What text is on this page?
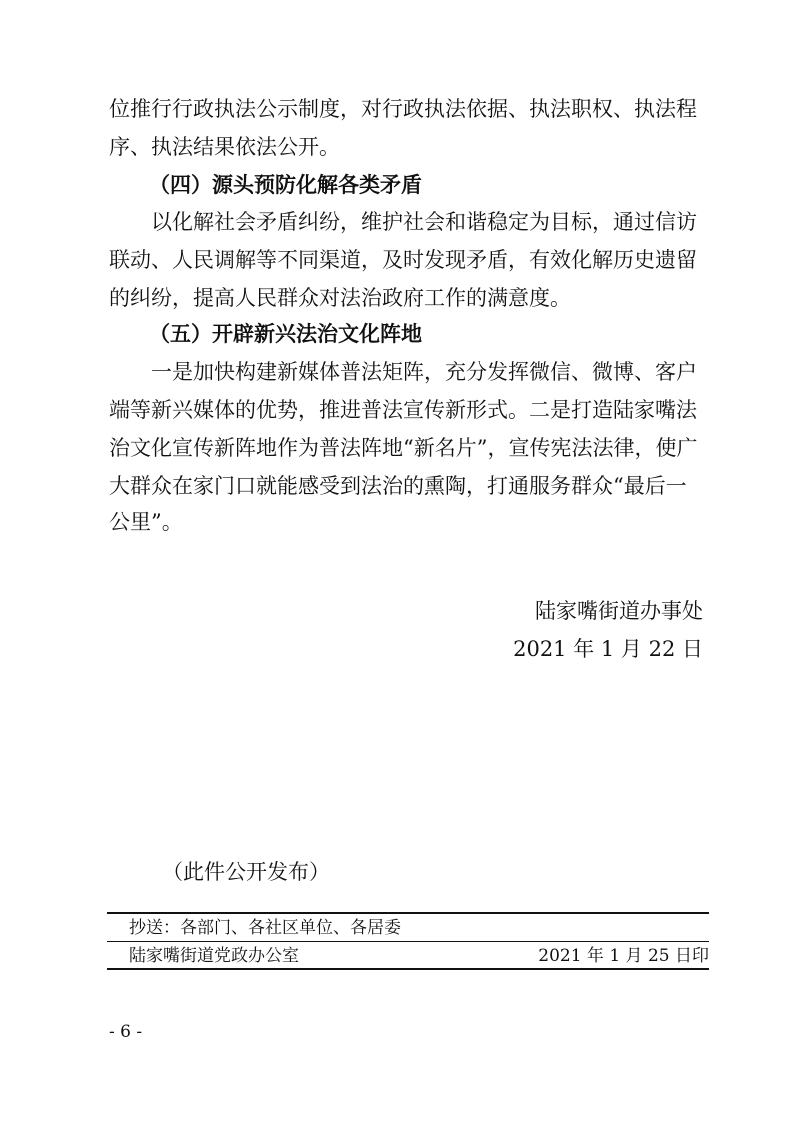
位推行行政执法公示制度，对行政执法依据、执法职权、执法程
序、执法结果依法公开。
（四）源头预防化解各类矛盾
以化解社会矛盾纠纷，维护社会和谐稳定为目标，通过信访
联动、人民调解等不同渠道，及时发现矛盾，有效化解历史遗留
的纠纷，提高人民群众对法治政府工作的满意度。
（五）开辟新兴法治文化阵地
一是加快构建新媒体普法矩阵，充分发挥微信、微博、客户
端等新兴媒体的优势，推进普法宣传新形式。二是打造陆家嘴法
治文化宣传新阵地作为普法阵地“新名片”，宣传宪法法律，使广
大群众在家门口就能感受到法治的熏陶，打通服务群众“最后一
公里”。
陆家嘴街道办事处
2021 年 1 月 22 日
（此件公开发布）
抄送：各部门、各社区单位、各居委
陆家嘴街道党政办公室	2021 年 1 月 25 日印
- 6 -
